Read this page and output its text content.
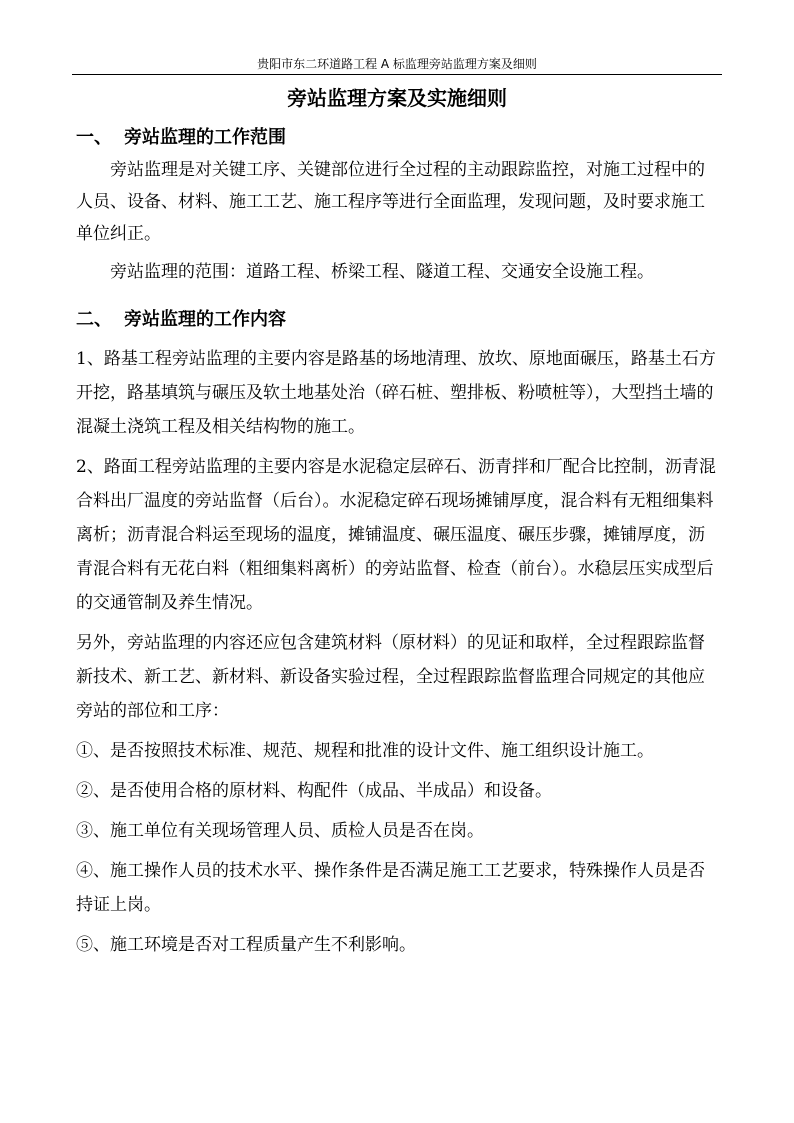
贵阳市东二环道路工程 A 标监理旁站监理方案及细则
旁站监理方案及实施细则
一、 旁站监理的工作范围

旁站监理是对关键工序、关键部位进行全过程的主动跟踪监控，对施工过程中的人员、设备、材料、施工工艺、施工程序等进行全面监理，发现问题，及时要求施工单位纠正。

旁站监理的范围：道路工程、桥梁工程、隧道工程、交通安全设施工程。

二、 旁站监理的工作内容

1、路基工程旁站监理的主要内容是路基的场地清理、放坎、原地面碾压，路基土石方开挖，路基填筑与碾压及软土地基处治（碎石桩、塑排板、粉喷桩等），大型挡土墙的混凝土浇筑工程及相关结构物的施工。

2、路面工程旁站监理的主要内容是水泥稳定层碎石、沥青拌和厂配合比控制，沥青混合料出厂温度的旁站监督（后台）。水泥稳定碎石现场摊铺厚度，混合料有无粗细集料离析；沥青混合料运至现场的温度，摊铺温度、碾压温度、碾压步骤，摊铺厚度，沥青混合料有无花白料（粗细集料离析）的旁站监督、检查（前台）。水稳层压实成型后的交通管制及养生情况。

另外，旁站监理的内容还应包含建筑材料（原材料）的见证和取样，全过程跟踪监督新技术、新工艺、新材料、新设备实验过程，全过程跟踪监督监理合同规定的其他应旁站的部位和工序：

①、是否按照技术标准、规范、规程和批准的设计文件、施工组织设计施工。

②、是否使用合格的原材料、构配件（成品、半成品）和设备。

③、施工单位有关现场管理人员、质检人员是否在岗。

④、施工操作人员的技术水平、操作条件是否满足施工工艺要求，特殊操作人员是否持证上岗。

⑤、施工环境是否对工程质量产生不利影响。
